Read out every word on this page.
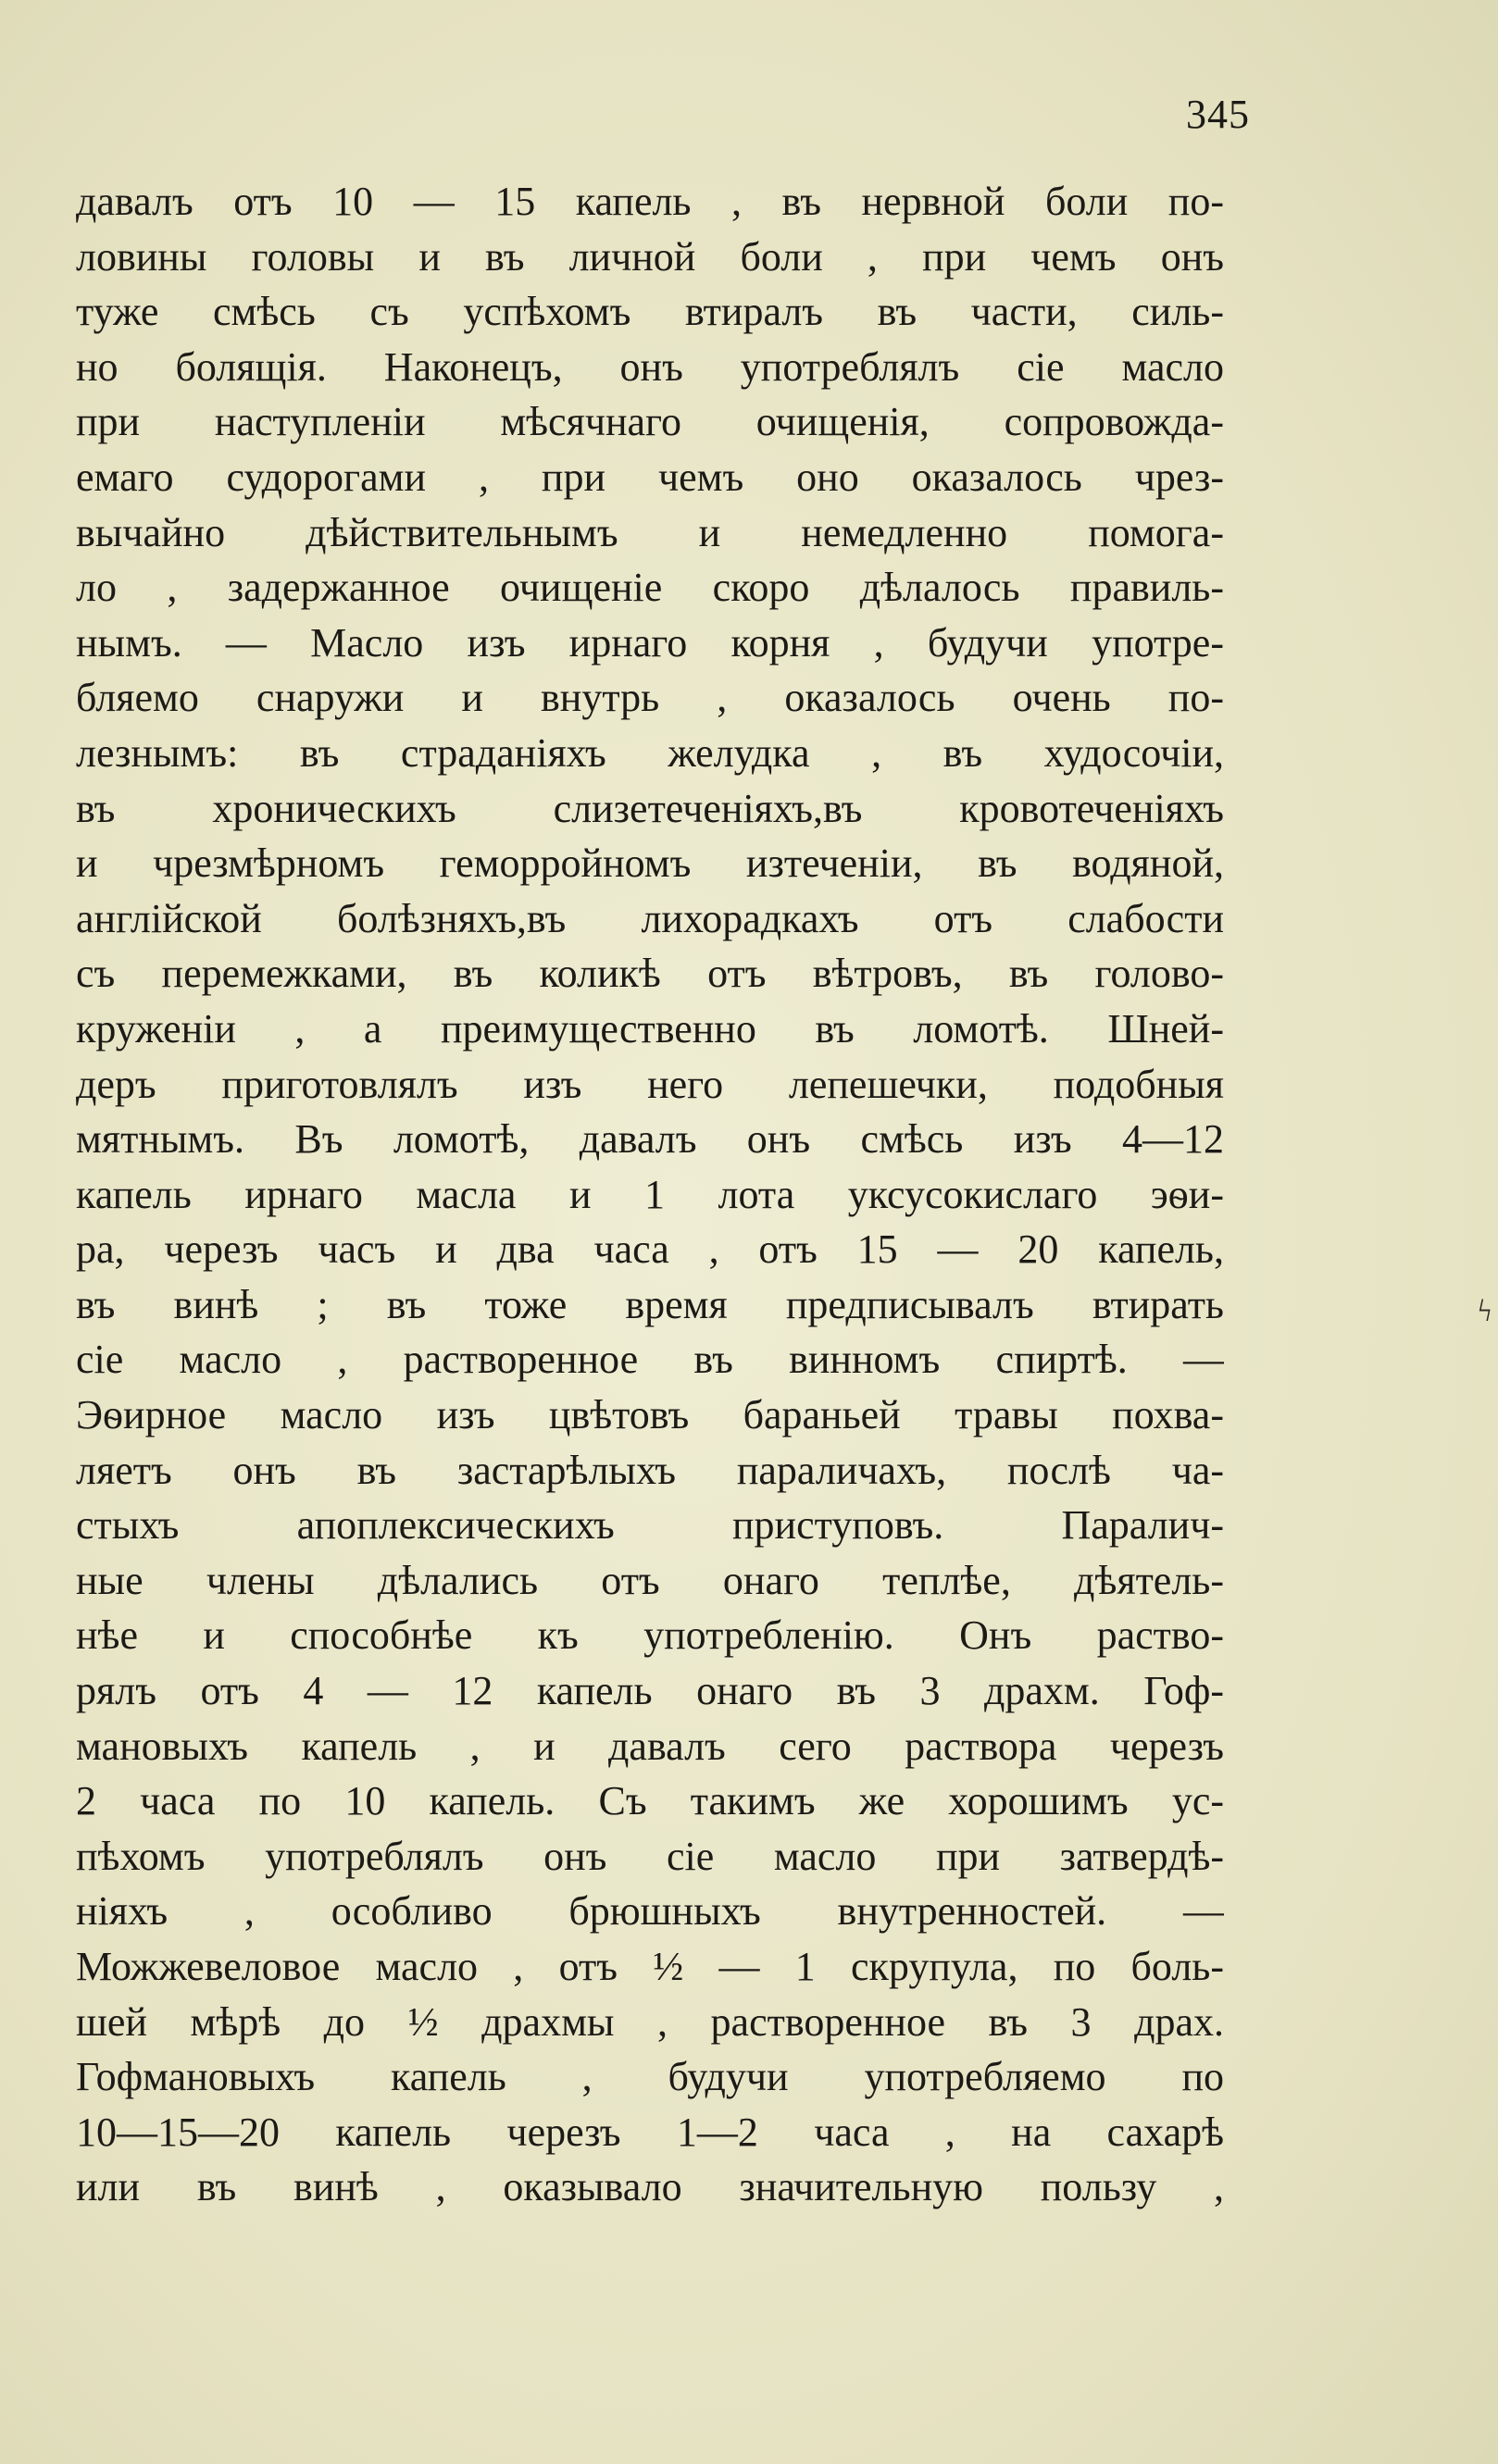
345
давалъ отъ 10 — 15 капель , въ нервной боли по-
ловины головы и въ личной боли , при чемъ онъ
туже смѣсь съ успѣхомъ втиралъ въ части, силь-
но болящія. Наконецъ, онъ употреблялъ сіе масло
при наступленіи мѣсячнаго очищенія, сопровожда-
емаго судорогами , при чемъ оно оказалось чрез-
вычайно дѣйствительнымъ и немедленно помога-
ло , задержанное очищеніе скоро дѣлалось правиль-
нымъ. — Масло изъ ирнаго корня , будучи употре-
бляемо снаружи и внутрь , оказалось очень по-
лезнымъ: въ страданіяхъ желудка , въ худосочіи,
въ хроническихъ слизетеченіяхъ,въ кровотеченіяхъ
и чрезмѣрномъ геморройномъ изтеченіи, въ водяной,
англійской болѣзняхъ,въ лихорадкахъ отъ слабости
съ перемежками, въ коликѣ отъ вѣтровъ, въ голово-
круженіи , а преимущественно въ ломотѣ. Шней-
деръ приготовлялъ изъ него лепешечки, подобныя
мятнымъ. Въ ломотѣ, давалъ онъ смѣсь изъ 4—12
капель ирнаго масла и 1 лота уксусокислаго эѳи-
ра, черезъ часъ и два часа , отъ 15 — 20 капель,
въ винѣ ; въ тоже время предписывалъ втирать
сіе масло , растворенное въ винномъ спиртѣ. —
Эѳирное масло изъ цвѣтовъ бараньей травы похва-
ляетъ онъ въ застарѣлыхъ параличахъ, послѣ ча-
стыхъ апоплексическихъ приступовъ. Паралич-
ные члены дѣлались отъ онаго теплѣе, дѣятель-
нѣе и способнѣе къ употребленію. Онъ раство-
рялъ отъ 4 — 12 капель онаго въ 3 драхм. Гоф-
мановыхъ капель , и давалъ сего раствора черезъ
2 часа по 10 капель. Съ такимъ же хорошимъ ус-
пѣхомъ употреблялъ онъ сіе масло при затвердѣ-
ніяхъ , особливо брюшныхъ внутренностей. —
Можжевеловое масло , отъ ½ — 1 скрупула, по боль-
шей мѣрѣ до ½ драхмы , растворенное въ 3 драх.
Гофмановыхъ капель , будучи употребляемо по
10—15—20 капель черезъ 1—2 часа , на сахарѣ
или въ винѣ , оказывало значительную пользу ,
ϟ
